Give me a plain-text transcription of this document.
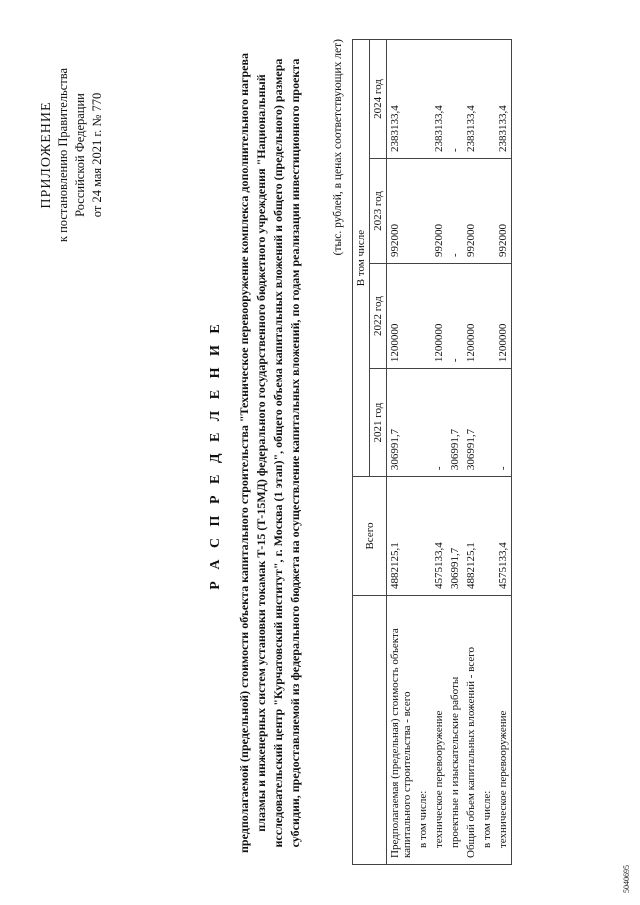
ПРИЛОЖЕНИЕ к постановлению Правительства Российской Федерации от 24 мая 2021 г. № 770
Р А С П Р Е Д Е Л Е Н И Е предполагаемой (предельной) стоимости объекта капитального строительства "Техническое перевооружение комплекса дополнительного нагрева плазмы и инженерных систем установки токамак Т-15 (Т-15МД) федерального государственного бюджетного учреждения "Национальный исследовательский центр "Курчатовский институт", г. Москва (1 этап)", общего объема капитальных вложений и общего (предельного) размера субсидии, предоставляемой из федерального бюджета на осуществление капитальных вложений, по годам реализации инвестиционного проекта	(тыс. рублей, в ценах соответствующих лет)
	Всего	В том числе			
		2021 год	2022 год	2023 год	2024 год
Предполагаемая (предельная) стоимость объекта капитального строительства - всего	4882125,1	306991,7	1200000	992000	2383133,4
в том числе:					
техническое перевооружение	4575133,4	-	1200000	992000	2383133,4
проектные и изыскательские работы	306991,7	306991,7	-	-	-
Общий объем капитальных вложений - всего	4882125,1	306991,7	1200000	992000	2383133,4
в том числе:					
техническое перевооружение	4575133,4	-	1200000	992000	2383133,4
5040695
